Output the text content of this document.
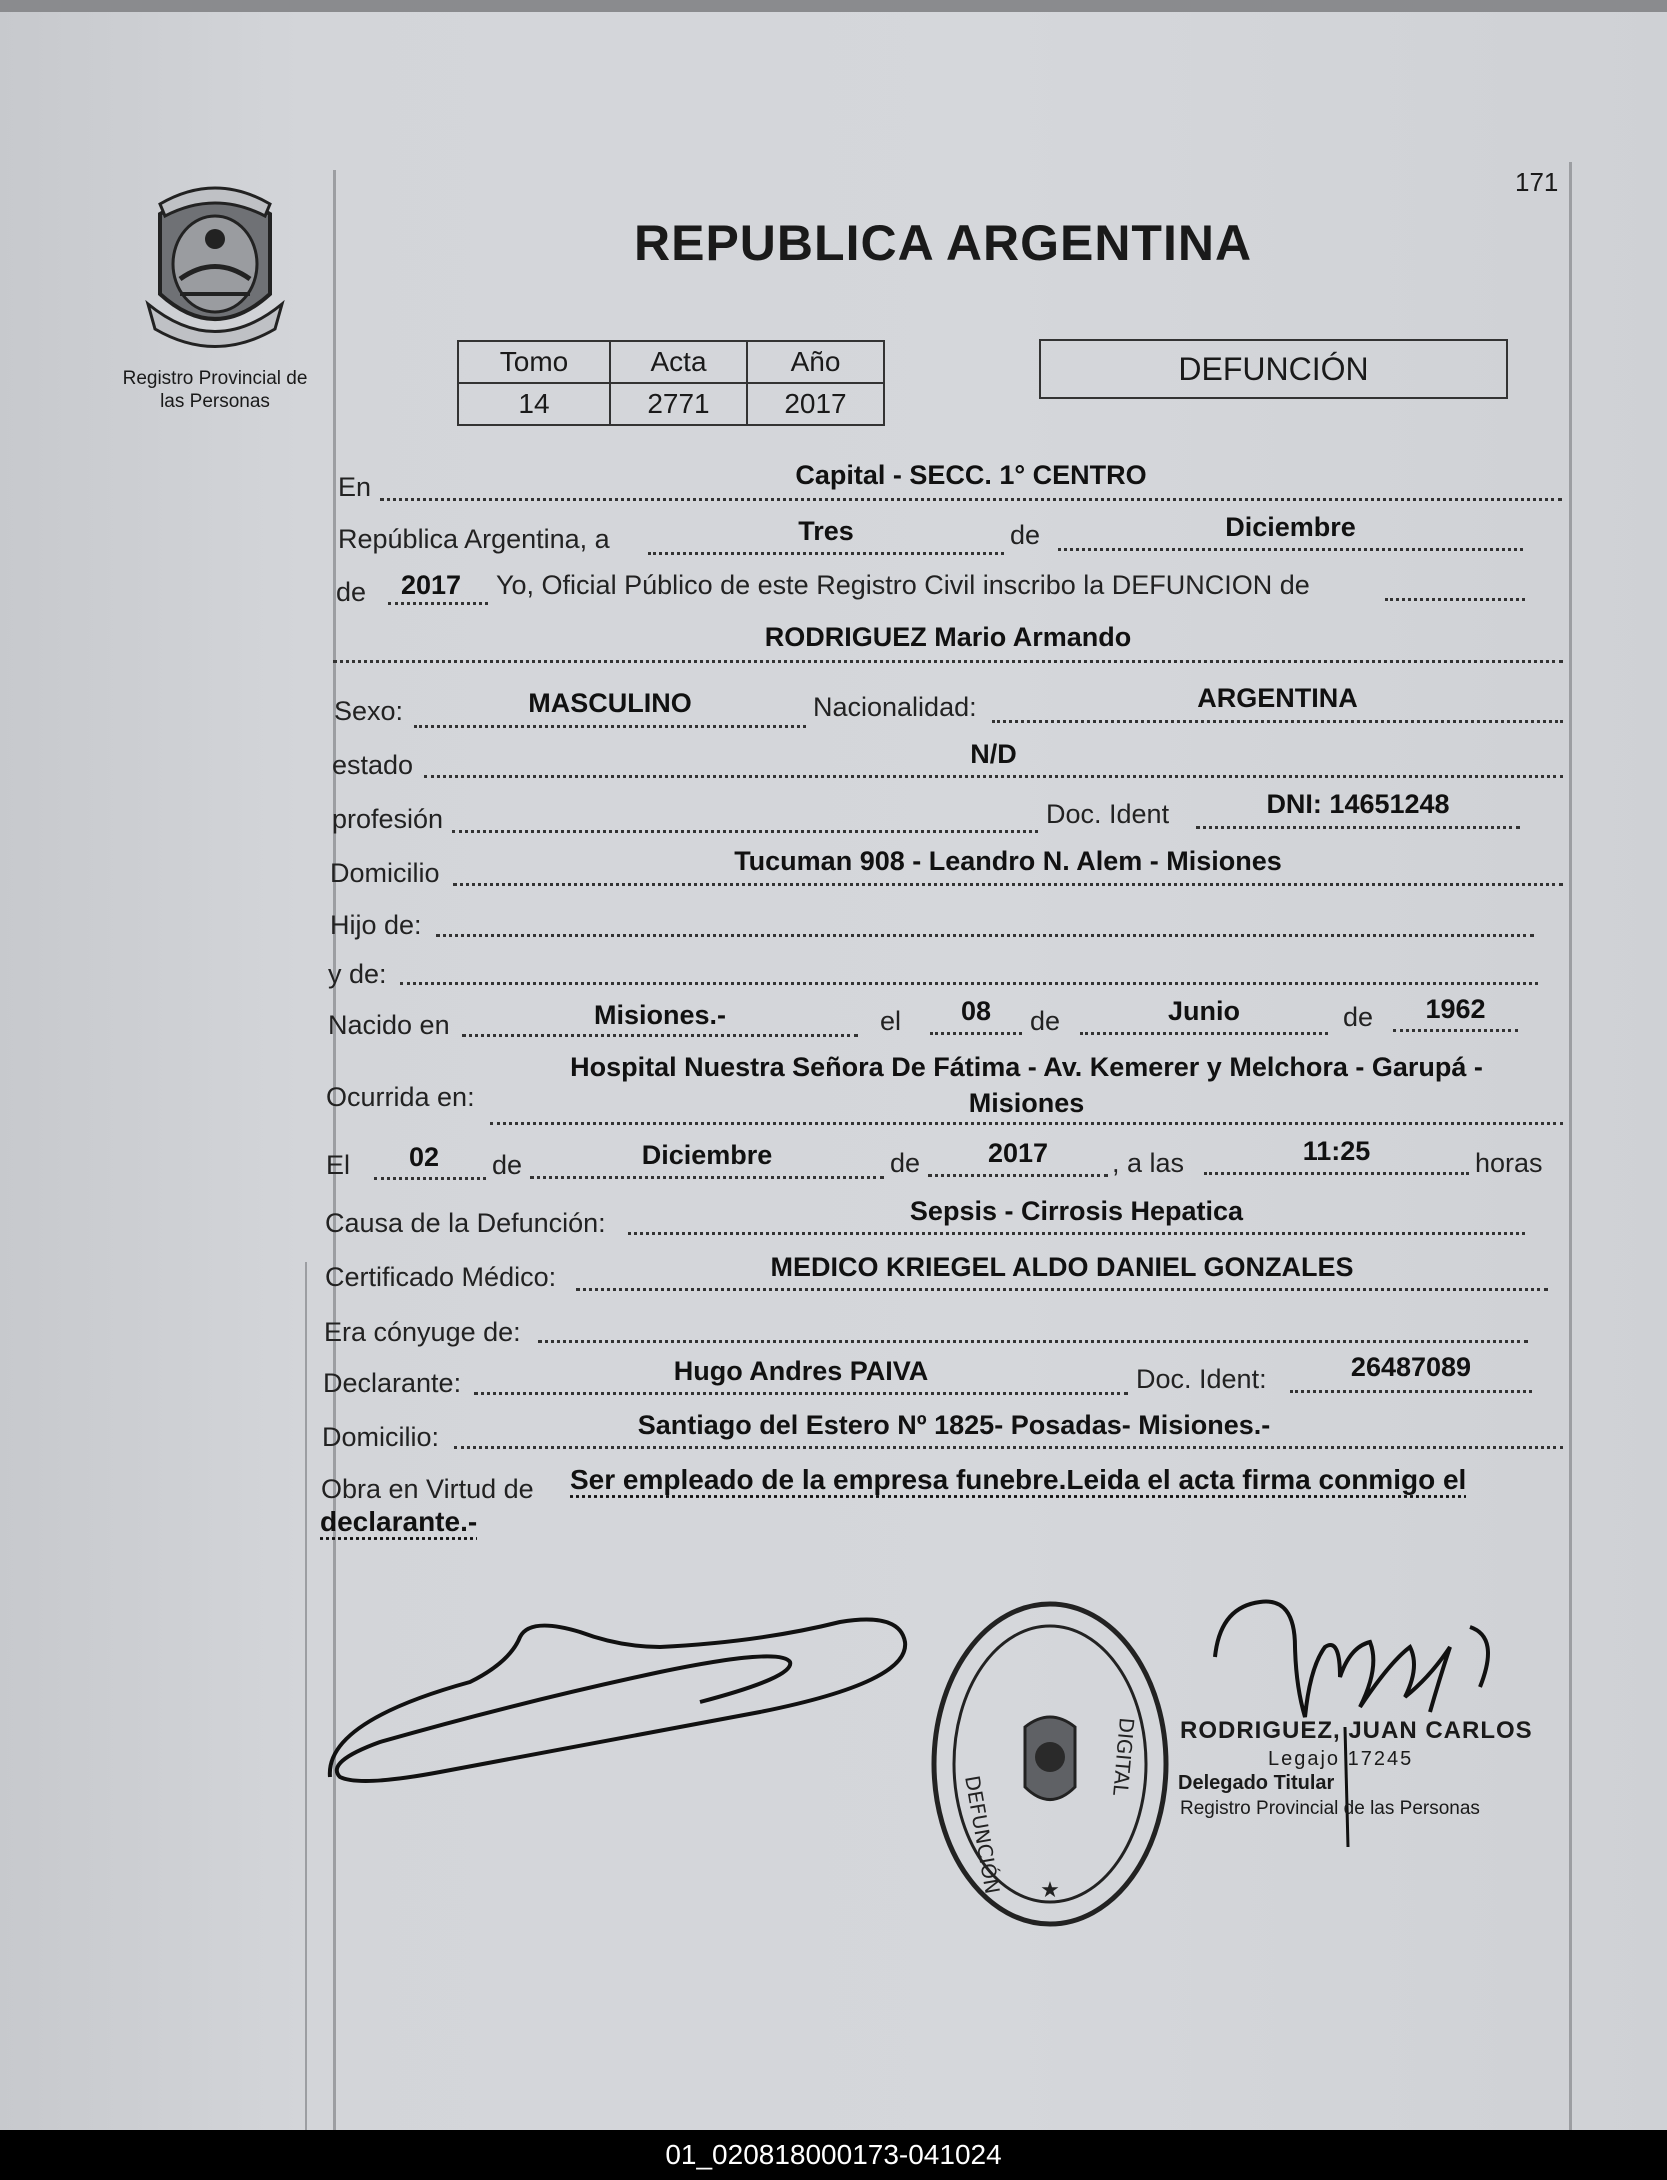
Registro Provincial de
las Personas
171
REPUBLICA ARGENTINA
Tomo	Acta	Año
14	2771	2017
DEFUNCIÓN
En	Capital - SECC. 1° CENTRO
República Argentina, a	Tres	de	Diciembre
de	2017	Yo, Oficial Público de este Registro Civil inscribo la DEFUNCION de
RODRIGUEZ Mario Armando
Sexo:	MASCULINO	Nacionalidad:	ARGENTINA
estado	N/D
profesión	Doc. Ident	DNI: 14651248
Domicilio	Tucuman 908 - Leandro N. Alem - Misiones
Hijo de:
y de:
Nacido en	Misiones.-	el	08	de	Junio	de	1962
Ocurrida en:
Hospital Nuestra Señora De Fátima - Av. Kemerer y Melchora - Garupá -
Misiones
El	02	de	Diciembre	de	2017	, a las	11:25	horas
Causa de la Defunción:	Sepsis - Cirrosis Hepatica
Certificado Médico:	MEDICO KRIEGEL ALDO DANIEL GONZALES
Era cónyuge de:
Declarante:	Hugo Andres PAIVA	Doc. Ident:	26487089
Domicilio:	Santiago del Estero Nº 1825- Posadas- Misiones.-
Obra en Virtud de Ser empleado de la empresa funebre.Leida el acta firma conmigo el
declarante.-
★
DEFUNCIÓN
DIGITAL RODRIGUEZ, JUAN CARLOS
Legajo 17245
Delegado Titular
Registro Provincial de las Personas
01_020818000173-041024
